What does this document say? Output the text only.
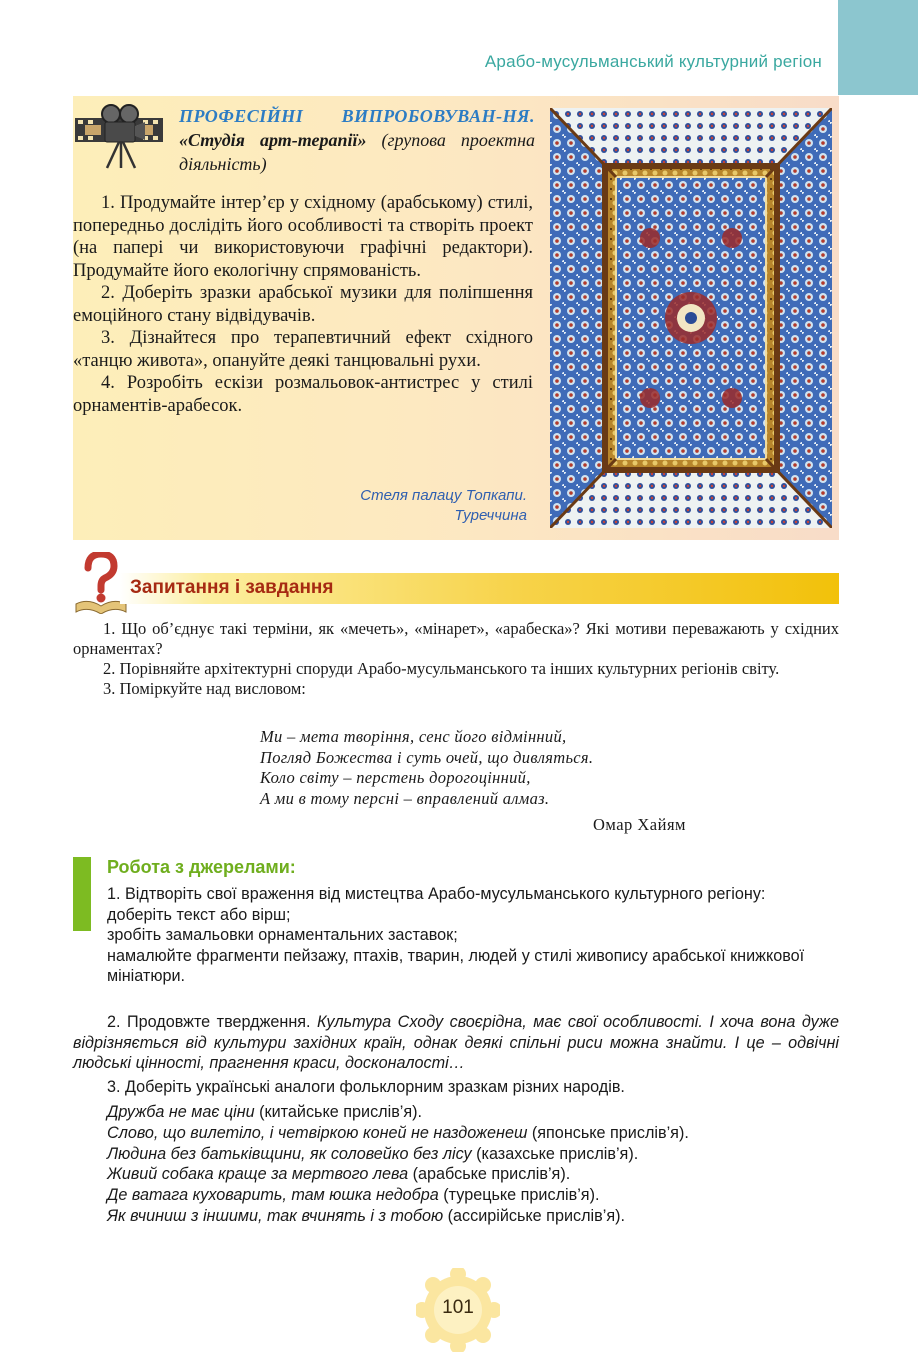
Арабо-мусульманський культурний регіон
ПРОФЕСІЙНІ ВИПРОБОВУВАН-НЯ. «Студія арт-терапії» (групова проектна діяльність)

1. Продумайте інтер’єр у східному (арабському) стилі, попередньо дослідіть його особливості та створіть проект (на папері чи використовуючи графічні редактори). Продумайте його екологічну спрямованість.

2. Доберіть зразки арабської музики для поліпшення емоційного стану відвідувачів.

3. Дізнайтеся про терапевтичний ефект східного «танцю живота», опануйте деякі танцювальні рухи.

4. Розробіть ескізи розмальовок-антистрес у стилі орнаментів-арабесок.

Стеля палацу Топкапи.
Туреччина
Запитання і завдання

1. Що об’єднує такі терміни, як «мечеть», «мінарет», «арабеска»? Які мотиви переважають у східних орнаментах?

2. Порівняйте архітектурні споруди Арабо-мусульманського та інших культурних регіонів світу.

3. Поміркуйте над висловом:

Ми – мета творіння, сенс його відмінний,
Погляд Божества і суть очей, що дивляться.
Коло світу – перстень дорогоцінний,
А ми в тому персні – вправлений алмаз.
Омар Хайям
Робота з джерелами:

1. Відтворіть свої враження від мистецтва Арабо-мусульманського культурного регіону:

доберіть текст або вірш;

зробіть замальовки орнаментальних заставок;

намалюйте фрагменти пейзажу, птахів, тварин, людей у стилі живопису арабської книжкової мініатюри.

2. Продовжте твердження. Культура Сходу своєрідна, має свої особливості. І хоча вона дуже відрізняється від культури західних країн, однак деякі спільні риси можна знайти. І це – одвічні людські цінності, прагнення краси, досконалості…
3. Доберіть українські аналоги фольклорним зразкам різних народів.
Дружба не має ціни (китайське прислів’я).
Слово, що вилетіло, і четвіркою коней не наздоженеш (японське прислів’я).
Людина без батьківщини, як соловейко без лісу (казахське прислів’я).
Живий собака краще за мертвого лева (арабське прислів’я).
Де ватага куховарить, там юшка недобра (турецьке прислів’я).
Як вчиниш з іншими, так вчинять і з тобою (ассирійське прислів’я).
101
